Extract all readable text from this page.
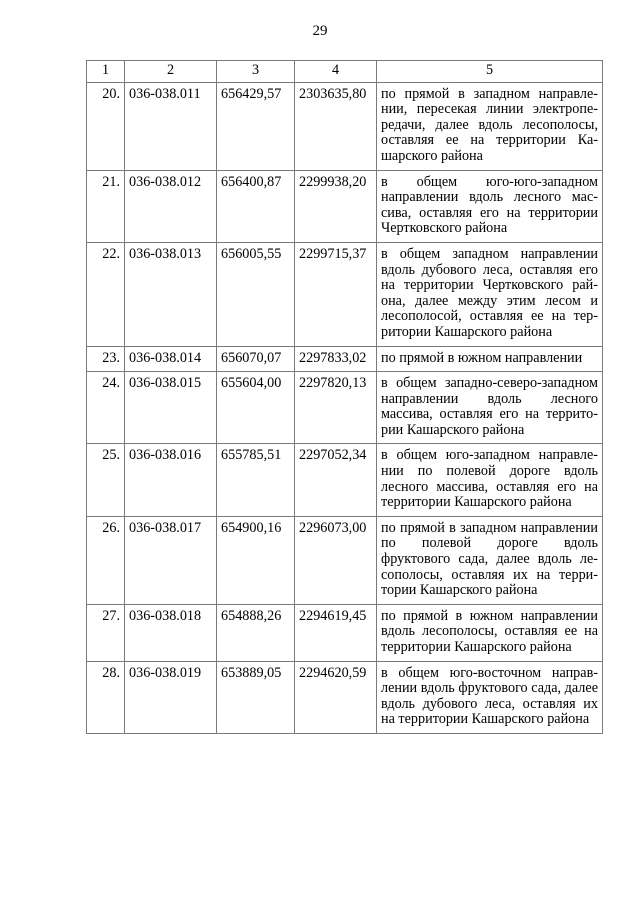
29
1	2	3	4	5
20.	036-038.011	656429,57	2303635,80	по прямой в западном направлении, пересекая линии электропередачи, далее вдоль лесополосы, оставляя ее на территории Кашарского района
21.	036-038.012	656400,87	2299938,20	в общем юго-юго-западном направлении вдоль лесного массива, оставляя его на территории Чертковского района
22.	036-038.013	656005,55	2299715,37	в общем западном направлении вдоль дубового леса, оставляя его на территории Чертковского района, далее между этим лесом и лесополосой, оставляя ее на территории Кашарского района
23.	036-038.014	656070,07	2297833,02	по прямой в южном направлении
24.	036-038.015	655604,00	2297820,13	в общем западно-северо-западном направлении вдоль лесного массива, оставляя его на территории Кашарского района
25.	036-038.016	655785,51	2297052,34	в общем юго-западном направлении по полевой дороге вдоль лесного массива, оставляя его на территории Кашарского района
26.	036-038.017	654900,16	2296073,00	по прямой в западном направлении по полевой дороге вдоль фруктового сада, далее вдоль лесополосы, оставляя их на территории Кашарского района
27.	036-038.018	654888,26	2294619,45	по прямой в южном направлении вдоль лесополосы, оставляя ее на территории Кашарского района
28.	036-038.019	653889,05	2294620,59	в общем юго-восточном направлении вдоль фруктового сада, далее вдоль дубового леса, оставляя их на территории Кашарского района
